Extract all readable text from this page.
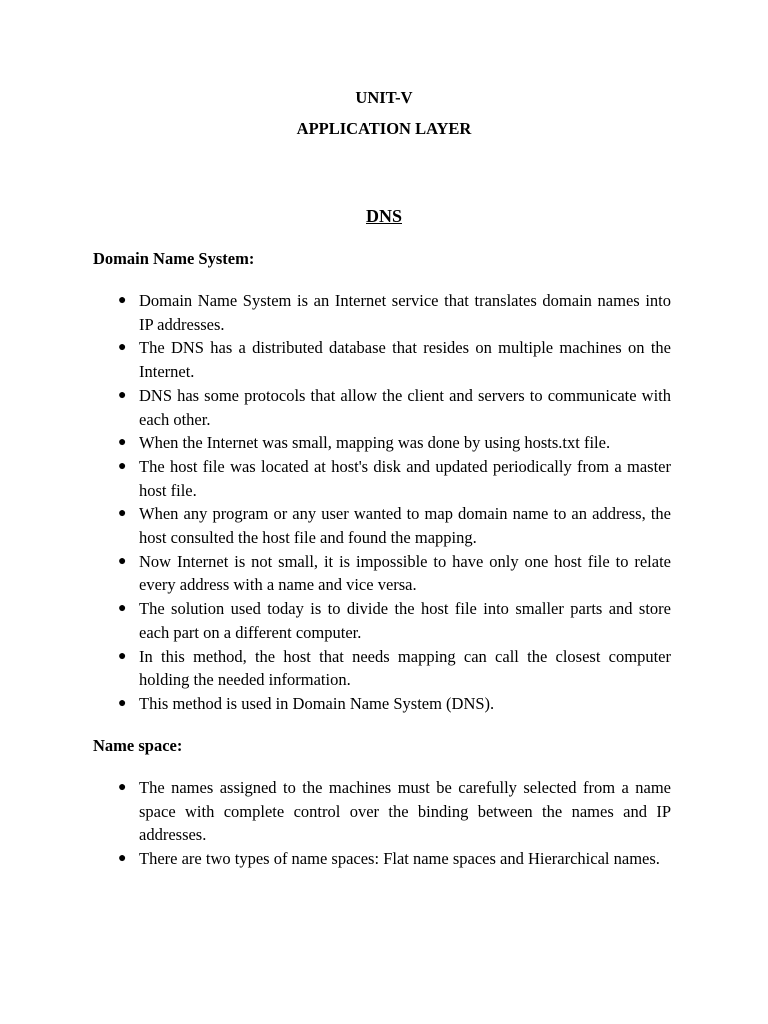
UNIT-V
APPLICATION LAYER
DNS
Domain Name System:
● Domain Name System is an Internet service that translates domain names into IP addresses.
● The DNS has a distributed database that resides on multiple machines on the Internet.
● DNS has some protocols that allow the client and servers to communicate with each other.
● When the Internet was small, mapping was done by using hosts.txt file.
● The host file was located at host's disk and updated periodically from a master host file.
● When any program or any user wanted to map domain name to an address, the host consulted the host file and found the mapping.
● Now Internet is not small, it is impossible to have only one host file to relate every address with a name and vice versa.
● The solution used today is to divide the host file into smaller parts and store each part on a different computer.
● In this method, the host that needs mapping can call the closest computer holding the needed information.
● This method is used in Domain Name System (DNS).
Name space:
● The names assigned to the machines must be carefully selected from a name space with complete control over the binding between the names and IP addresses.
● There are two types of name spaces: Flat name spaces and Hierarchical names.
